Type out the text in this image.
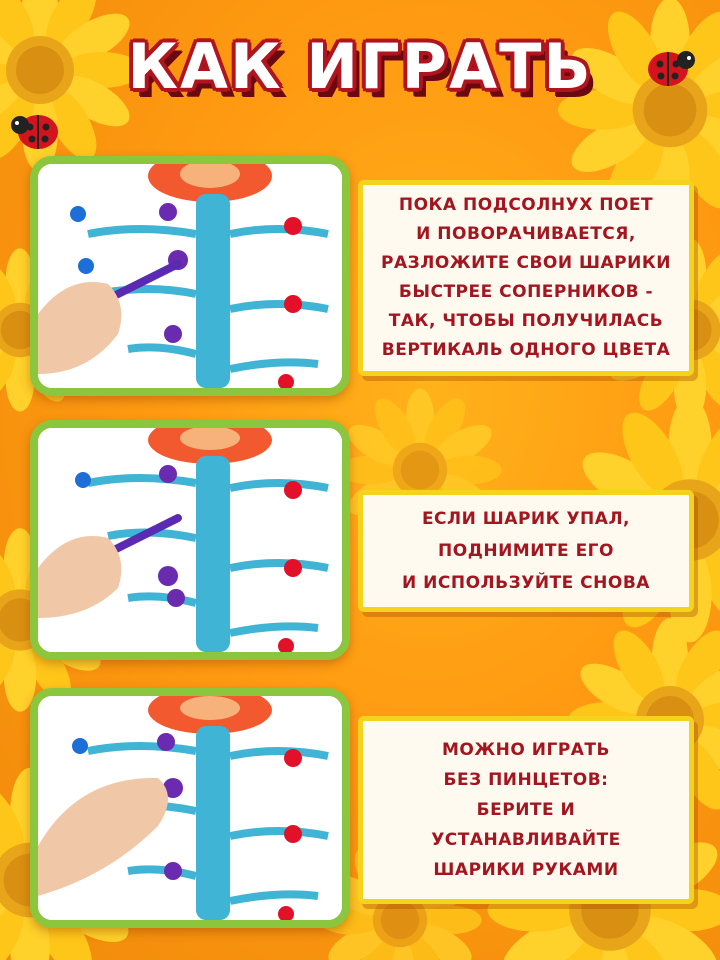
КАК ИГРАТЬ

ПОКА ПОДСОЛНУХ ПОЕТ
И ПОВОРАЧИВАЕТСЯ,
РАЗЛОЖИТЕ СВОИ ШАРИКИ
БЫСТРЕЕ СОПЕРНИКОВ -
ТАК, ЧТОБЫ ПОЛУЧИЛАСЬ
ВЕРТИКАЛЬ ОДНОГО ЦВЕТА

ЕСЛИ ШАРИК УПАЛ,
ПОДНИМИТЕ ЕГО
И ИСПОЛЬЗУЙТЕ СНОВА

МОЖНО ИГРАТЬ
БЕЗ ПИНЦЕТОВ:
БЕРИТЕ И
УСТАНАВЛИВАЙТЕ
ШАРИКИ РУКАМИ
